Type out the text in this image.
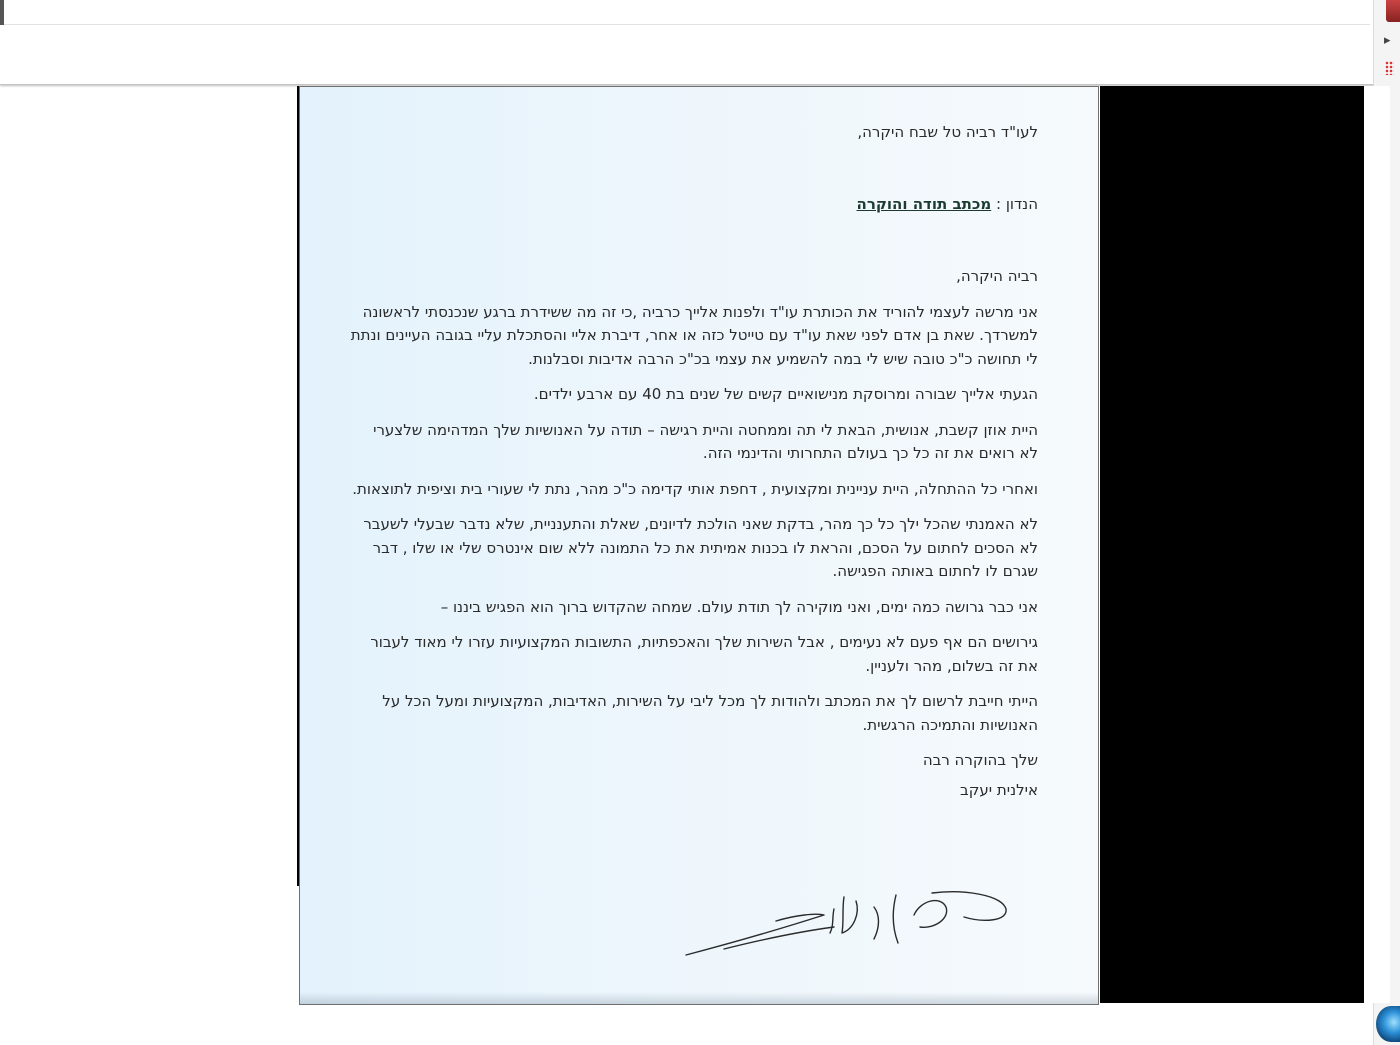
▸

לעו"ד רביה טל שבח היקרה,

הנדון : מכתב תודה והוקרה

רביה היקרה,

אני מרשה לעצמי להוריד את הכותרת עו"ד ולפנות אלייך כרביה ,כי זה מה ששידרת ברגע שנכנסתי לראשונה למשרדך. שאת בן אדם לפני שאת עו"ד עם טייטל כזה או אחר, דיברת אליי והסתכלת עליי בגובה העיינים ונתת לי תחושה כ"כ טובה שיש לי במה להשמיע את עצמי בכ"כ הרבה אדיבות וסבלנות.

הגעתי אלייך שבורה ומרוסקת מנישואיים קשים של שנים בת 40 עם ארבע ילדים.

היית אוזן קשבת, אנושית, הבאת לי תה וממחטה והיית רגישה – תודה על האנושיות שלך המדהימה שלצערי לא רואים את זה כל כך בעולם התחרותי והדינמי הזה.

ואחרי כל ההתחלה, היית עניינית ומקצועית , דחפת אותי קדימה כ"כ מהר, נתת לי שעורי בית וציפית לתוצאות.

לא האמנתי שהכל ילך כל כך מהר, בדקת שאני הולכת לדיונים, שאלת והתענניית, שלא נדבר שבעלי לשעבר לא הסכים לחתום על הסכם, והראת לו בכנות אמיתית את כל התמונה ללא שום אינטרס שלי או שלו , דבר שגרם לו לחתום באותה הפגישה.

אני כבר גרושה כמה ימים, ואני מוקירה לך תודת עולם. שמחה שהקדוש ברוך הוא הפגיש ביננו –

גירושים הם אף פעם לא נעימים , אבל השירות שלך והאכפתיות, התשובות המקצועיות עזרו לי מאוד לעבור את זה בשלום, מהר ולעניין.

הייתי חייבת לרשום לך את המכתב ולהודות לך מכל ליבי על השירות, האדיבות, המקצועיות ומעל הכל על האנושיות והתמיכה הרגשית.

שלך בהוקרה רבה

אילנית יעקב
